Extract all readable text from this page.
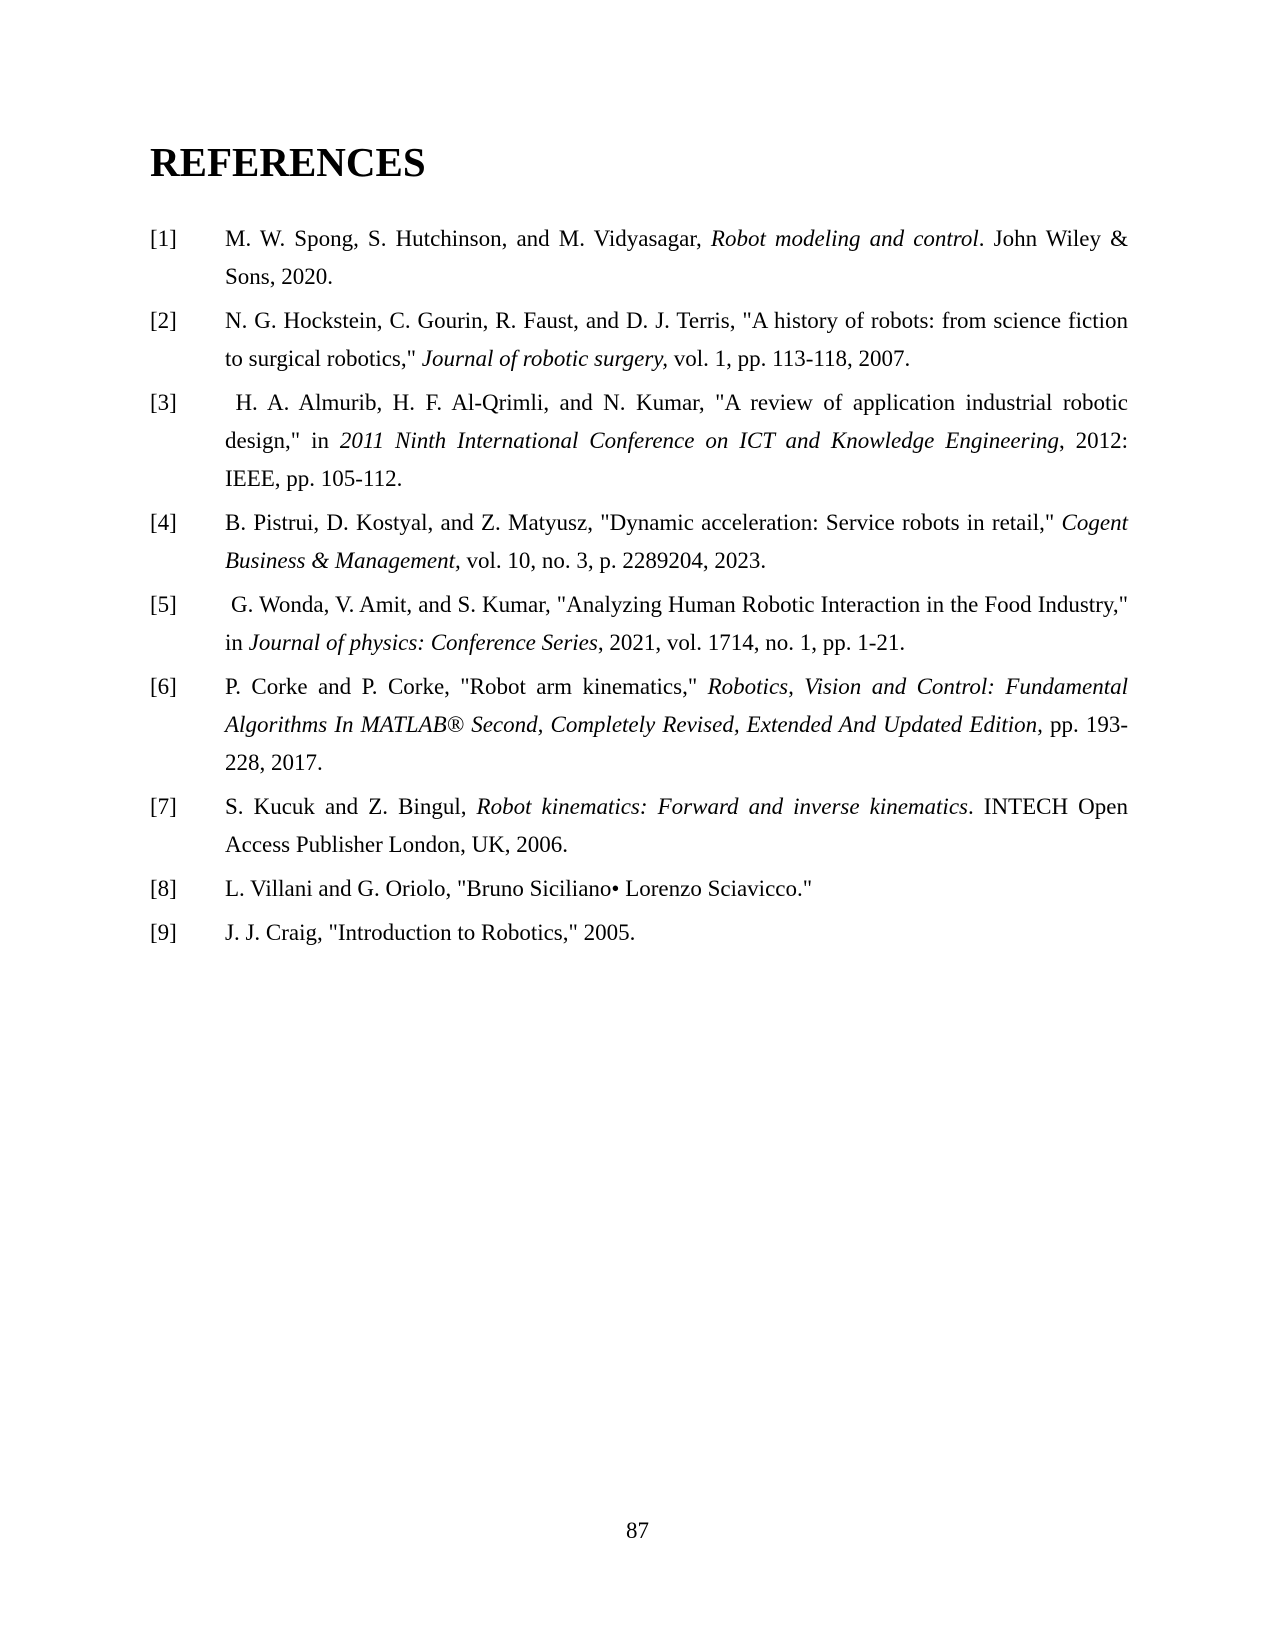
REFERENCES
[1]	M. W. Spong, S. Hutchinson, and M. Vidyasagar, Robot modeling and control. John Wiley & Sons, 2020.

[2]	N. G. Hockstein, C. Gourin, R. Faust, and D. J. Terris, "A history of robots: from science fiction to surgical robotics," Journal of robotic surgery, vol. 1, pp. 113-118, 2007.

[3]	H. A. Almurib, H. F. Al-Qrimli, and N. Kumar, "A review of application industrial robotic design," in 2011 Ninth International Conference on ICT and Knowledge Engineering, 2012: IEEE, pp. 105-112.

[4]	B. Pistrui, D. Kostyal, and Z. Matyusz, "Dynamic acceleration: Service robots in retail," Cogent Business & Management, vol. 10, no. 3, p. 2289204, 2023.

[5]	G. Wonda, V. Amit, and S. Kumar, "Analyzing Human Robotic Interaction in the Food Industry," in Journal of physics: Conference Series, 2021, vol. 1714, no. 1, pp. 1-21.

[6]	P. Corke and P. Corke, "Robot arm kinematics," Robotics, Vision and Control: Fundamental Algorithms In MATLAB® Second, Completely Revised, Extended And Updated Edition, pp. 193-228, 2017.

[7]	S. Kucuk and Z. Bingul, Robot kinematics: Forward and inverse kinematics. INTECH Open Access Publisher London, UK, 2006.

[8]	L. Villani and G. Oriolo, "Bruno Siciliano• Lorenzo Sciavicco."

[9]	J. J. Craig, "Introduction to Robotics," 2005.

87
